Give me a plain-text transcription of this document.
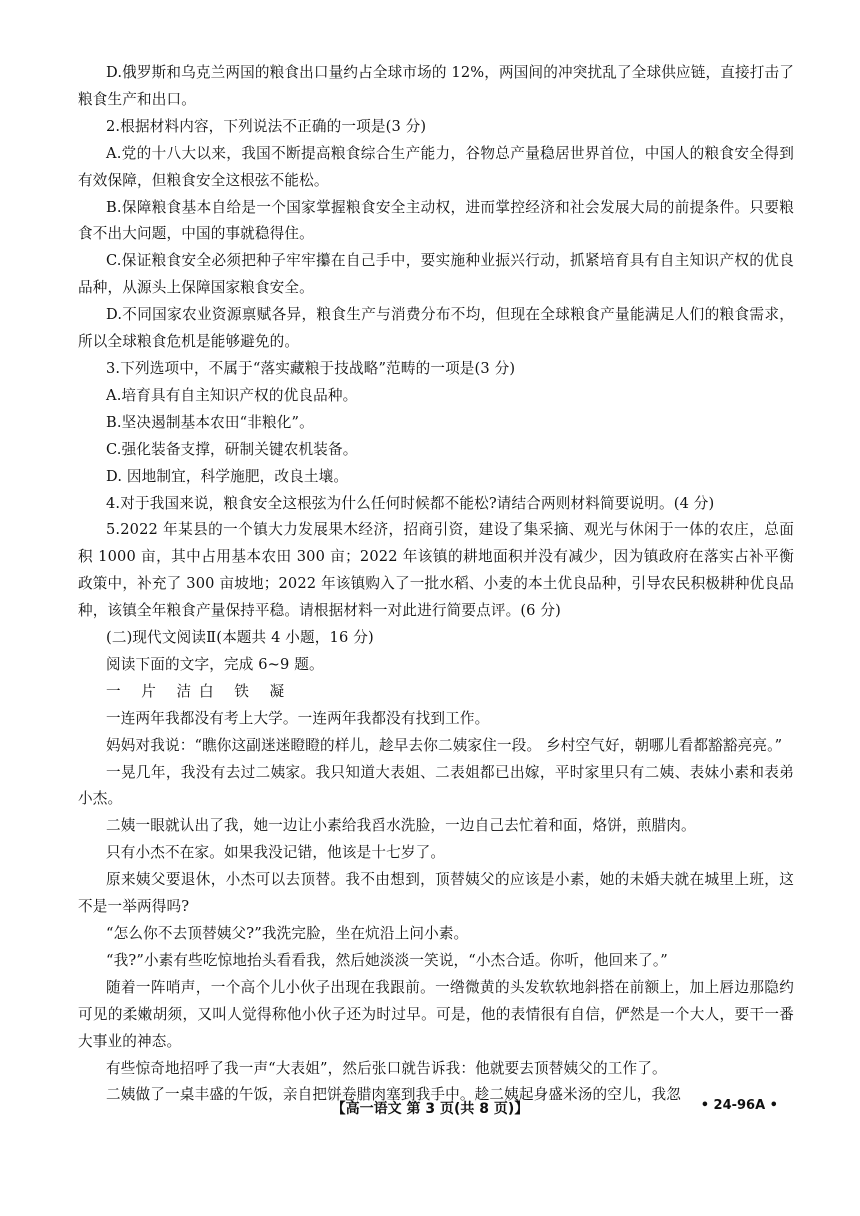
D.俄罗斯和乌克兰两国的粮食出口量约占全球市场的 12%，两国间的冲突扰乱了全球供应链，直接打击了粮食生产和出口。

2.根据材料内容，下列说法不正确的一项是(3 分)

A.党的十八大以来，我国不断提高粮食综合生产能力，谷物总产量稳居世界首位，中国人的粮食安全得到有效保障，但粮食安全这根弦不能松。

B.保障粮食基本自给是一个国家掌握粮食安全主动权，进而掌控经济和社会发展大局的前提条件。只要粮食不出大问题，中国的事就稳得住。

C.保证粮食安全必须把种子牢牢攥在自己手中，要实施种业振兴行动，抓紧培育具有自主知识产权的优良品种，从源头上保障国家粮食安全。

D.不同国家农业资源禀赋各异，粮食生产与消费分布不均，但现在全球粮食产量能满足人们的粮食需求，所以全球粮食危机是能够避免的。

3.下列选项中，不属于“落实藏粮于技战略”范畴的一项是(3 分)

A.培育具有自主知识产权的优良品种。

B.坚决遏制基本农田“非粮化”。

C.强化装备支撑，研制关键农机装备。

D. 因地制宜，科学施肥，改良土壤。

4.对于我国来说，粮食安全这根弦为什么任何时候都不能松?请结合两则材料简要说明。(4 分)

5.2022 年某县的一个镇大力发展果木经济，招商引资，建设了集采摘、观光与休闲于一体的农庄，总面积 1000 亩，其中占用基本农田 300 亩；2022 年该镇的耕地面积并没有减少，因为镇政府在落实占补平衡政策中，补充了 300 亩坡地；2022 年该镇购入了一批水稻、小麦的本土优良品种，引导农民积极耕种优良品种，该镇全年粮食产量保持平稳。请根据材料一对此进行简要点评。(6 分)

(二)现代文阅读Ⅱ(本题共 4 小题，16 分)

阅读下面的文字，完成 6~9 题。

一 片 洁白 铁 凝

一连两年我都没有考上大学。一连两年我都没有找到工作。

妈妈对我说：“瞧你这副迷迷瞪瞪的样儿，趁早去你二姨家住一段。 乡村空气好，朝哪儿看都豁豁亮亮。”

一晃几年，我没有去过二姨家。我只知道大表姐、二表姐都已出嫁，平时家里只有二姨、表妹小素和表弟小杰。

二姨一眼就认出了我，她一边让小素给我舀水洗脸，一边自己去忙着和面，烙饼，煎腊肉。

只有小杰不在家。如果我没记错，他该是十七岁了。

原来姨父要退休，小杰可以去顶替。我不由想到，顶替姨父的应该是小素，她的未婚夫就在城里上班，这不是一举两得吗?

“怎么你不去顶替姨父?”我洗完脸，坐在炕沿上问小素。

“我?”小素有些吃惊地抬头看看我，然后她淡淡一笑说，“小杰合适。你听，他回来了。”

随着一阵哨声，一个高个儿小伙子出现在我跟前。一绺微黄的头发软软地斜搭在前额上，加上唇边那隐约可见的柔嫩胡须，又叫人觉得称他小伙子还为时过早。可是，他的表情很有自信，俨然是一个大人，要干一番大事业的神态。

有些惊奇地招呼了我一声“大表姐”，然后张口就告诉我：他就要去顶替姨父的工作了。

二姨做了一桌丰盛的午饭，亲自把饼卷腊肉塞到我手中。趁二姨起身盛米汤的空儿，我忽

【高一语文 第 3 页(共 8 页)】	• 24-96A •
